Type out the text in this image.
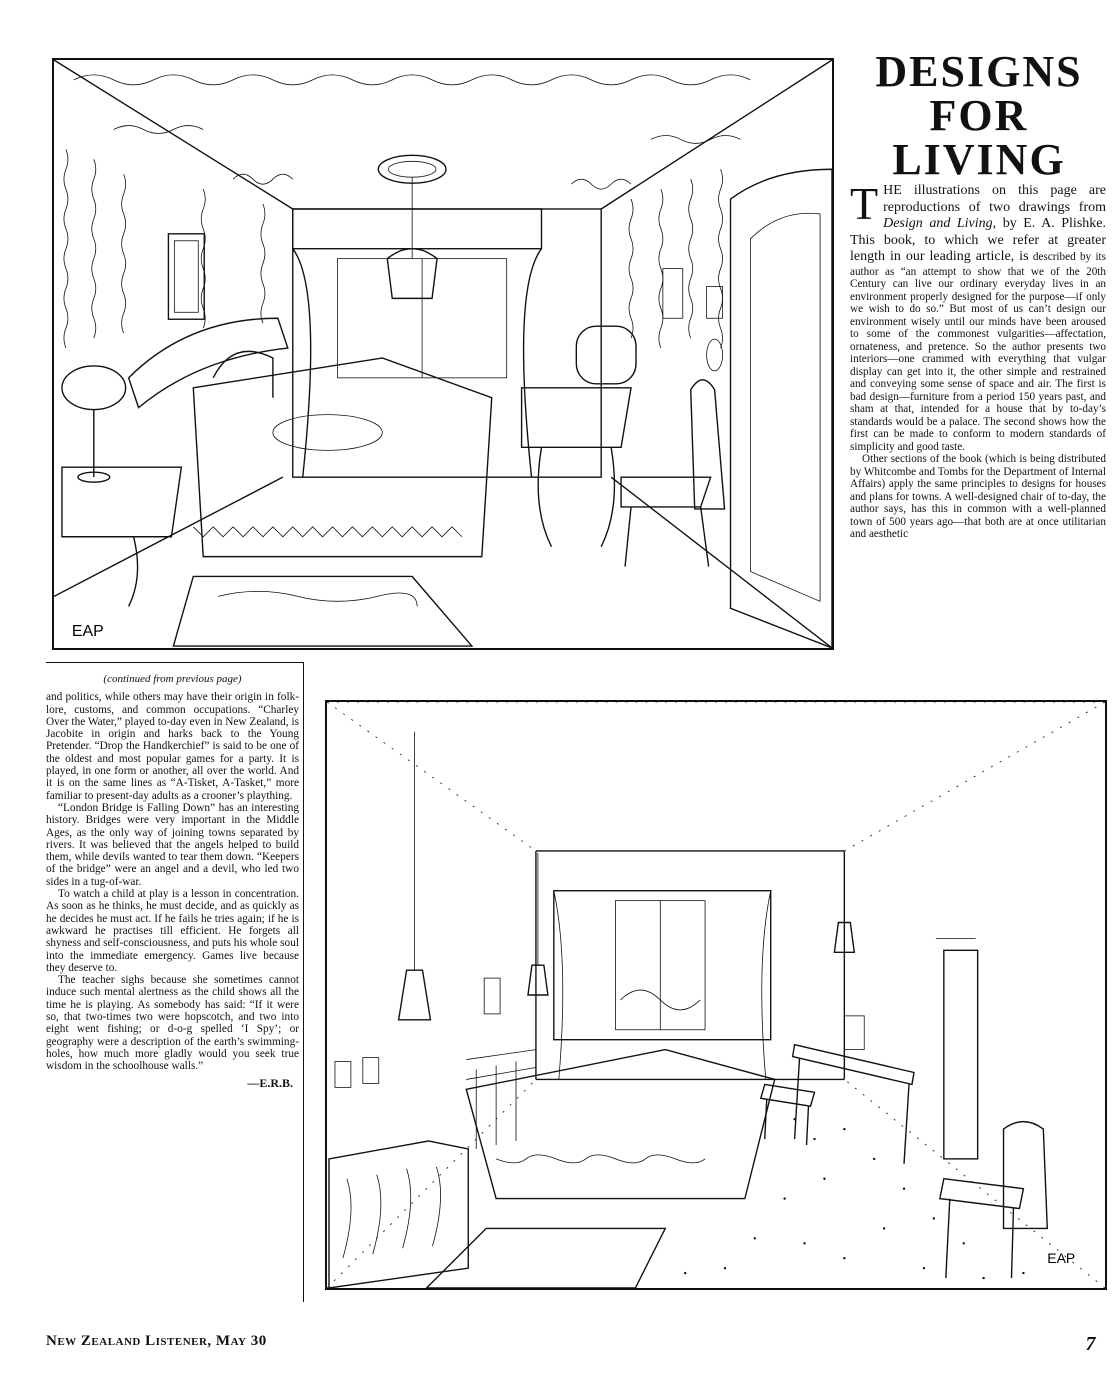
EAP
DESIGNS
FOR
LIVING

THE illustrations on this page are reproductions of two drawings from Design and Living, by E. A. Plishke. This book, to which we refer at greater length in our leading article, is described by its author as “an attempt to show that we of the 20th Century can live our ordinary everyday lives in an environment properly designed for the purpose—if only we wish to do so.” But most of us can’t design our environment wisely until our minds have been aroused to some of the commonest vulgarities—affectation, ornateness, and pretence. So the author presents two interiors—one crammed with everything that vulgar display can get into it, the other simple and restrained and conveying some sense of space and air. The first is bad design—furniture from a period 150 years past, and sham at that, intended for a house that by to-day’s standards would be a palace. The second shows how the first can be made to conform to modern standards of simplicity and good taste.

Other sections of the book (which is being distributed by Whitcombe and Tombs for the Department of Internal Affairs) apply the same principles to designs for houses and plans for towns. A well-designed chair of to-day, the author says, has this in common with a well-planned town of 500 years ago—that both are at once utilitarian and aesthetic

(continued from previous page)

and politics, while others may have their origin in folk-lore, customs, and common occupations. “Charley Over the Water,” played to-day even in New Zealand, is Jacobite in origin and harks back to the Young Pretender. “Drop the Handkerchief” is said to be one of the oldest and most popular games for a party. It is played, in one form or another, all over the world. And it is on the same lines as “A-Tisket, A-Tasket,” more familiar to present-day adults as a crooner’s plaything.

“London Bridge is Falling Down” has an interesting history. Bridges were very important in the Middle Ages, as the only way of joining towns separated by rivers. It was believed that the angels helped to build them, while devils wanted to tear them down. “Keepers of the bridge” were an angel and a devil, who led two sides in a tug-of-war.

To watch a child at play is a lesson in concentration. As soon as he thinks, he must decide, and as quickly as he decides he must act. If he fails he tries again; if he is awkward he practises till efficient. He forgets all shyness and self-consciousness, and puts his whole soul into the immediate emergency. Games live because they deserve to.

The teacher sighs because she sometimes cannot induce such mental alertness as the child shows all the time he is playing. As somebody has said: “If it were so, that two-times two were hopscotch, and two into eight went fishing; or d-o-g spelled ‘I Spy’; or geography were a description of the earth’s swimming-holes, how much more gladly would you seek true wisdom in the schoolhouse walls.”

—E.R.B.
EAP
New Zealand Listener, May 30	7
